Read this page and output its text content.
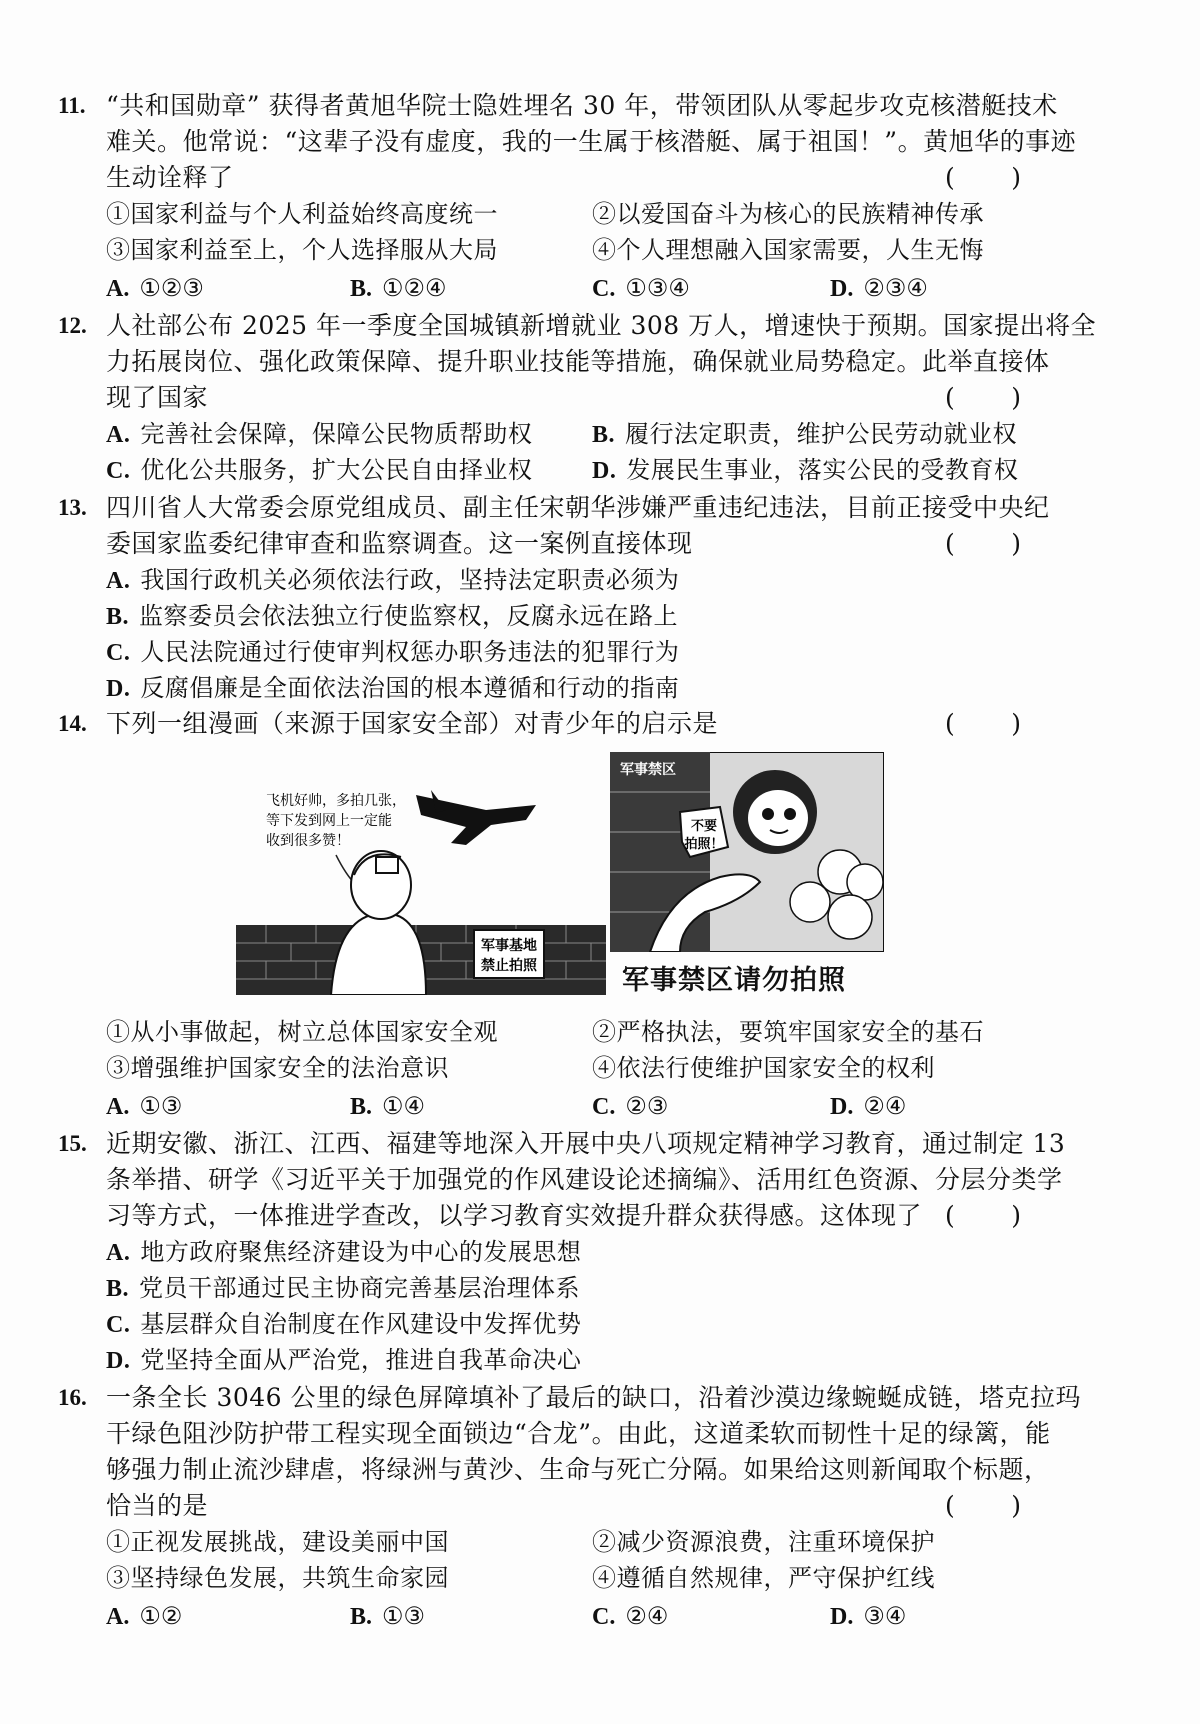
11. “共和国勋章” 获得者黄旭华院士隐姓埋名 30 年，带领团队从零起步攻克核潜艇技术
难关。他常说：“这辈子没有虚度，我的一生属于核潜艇、属于祖国！”。黄旭华的事迹
生动诠释了	( )
①国家利益与个人利益始终高度统一	②以爱国奋斗为核心的民族精神传承
③国家利益至上，个人选择服从大局	④个人理想融入国家需要，人生无悔
A. ①②③	B. ①②④	C. ①③④	D. ②③④
12. 人社部公布 2025 年一季度全国城镇新增就业 308 万人，增速快于预期。国家提出将全
力拓展岗位、强化政策保障、提升职业技能等措施，确保就业局势稳定。此举直接体
现了国家	( )
A. 完善社会保障，保障公民物质帮助权 B. 履行法定职责，维护公民劳动就业权
C. 优化公共服务，扩大公民自由择业权 D. 发展民生事业，落实公民的受教育权
13. 四川省人大常委会原党组成员、副主任宋朝华涉嫌严重违纪违法，目前正接受中央纪
委国家监委纪律审查和监察调查。这一案例直接体现	( )
A. 我国行政机关必须依法行政，坚持法定职责必须为
B. 监察委员会依法独立行使监察权，反腐永远在路上
C. 人民法院通过行使审判权惩办职务违法的犯罪行为
D. 反腐倡廉是全面依法治国的根本遵循和行动的指南
14. 下列一组漫画（来源于国家安全部）对青少年的启示是	( )
飞机好帅，多拍几张，
等下发到网上一定能
收到很多赞！
军事基地
禁止拍照
军事禁区
不要
拍照！
军事禁区请勿拍照
①从小事做起，树立总体国家安全观	②严格执法，要筑牢国家安全的基石
③增强维护国家安全的法治意识	④依法行使维护国家安全的权利
A. ①③	B. ①④	C. ②③	D. ②④
15. 近期安徽、浙江、江西、福建等地深入开展中央八项规定精神学习教育，通过制定 13
条举措、研学《习近平关于加强党的作风建设论述摘编》、活用红色资源、分层分类学
习等方式，一体推进学查改，以学习教育实效提升群众获得感。这体现了 ( )
A. 地方政府聚焦经济建设为中心的发展思想
B. 党员干部通过民主协商完善基层治理体系
C. 基层群众自治制度在作风建设中发挥优势
D. 党坚持全面从严治党，推进自我革命决心
16. 一条全长 3046 公里的绿色屏障填补了最后的缺口，沿着沙漠边缘蜿蜒成链，塔克拉玛
干绿色阻沙防护带工程实现全面锁边“合龙”。由此，这道柔软而韧性十足的绿篱，能
够强力制止流沙肆虐，将绿洲与黄沙、生命与死亡分隔。如果给这则新闻取个标题，
恰当的是	( )
①正视发展挑战，建设美丽中国	②减少资源浪费，注重环境保护
③坚持绿色发展，共筑生命家园	④遵循自然规律，严守保护红线
A. ①②	B. ①③	C. ②④	D. ③④
